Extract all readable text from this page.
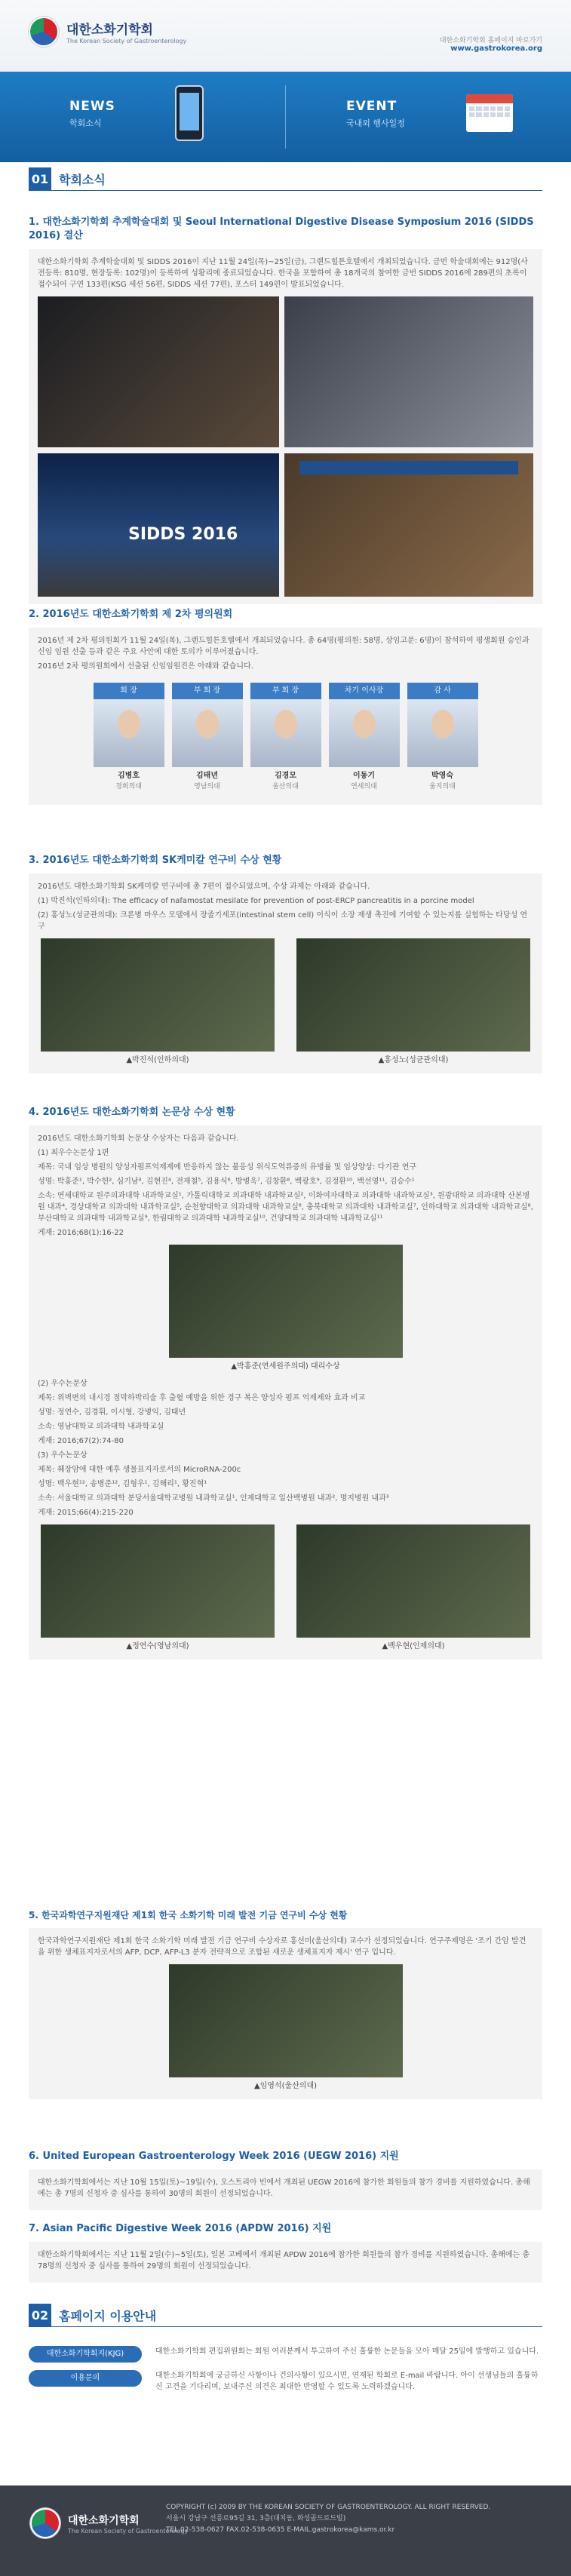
대한소화기학회
The Korean Society of Gastroenterology	대한소화기학회 홈페이지 바로가기
www.gastrokorea.org
NEWS
학회소식
EVENT
국내외 행사일정
01 학회소식
1. 대한소화기학회 추계학술대회 및 Seoul International Digestive Disease Symposium 2016 (SIDDS 2016) 결산

대한소화기학회 추계학술대회 및 SIDDS 2016이 지난 11월 24일(목)~25일(금), 그랜드힐튼호텔에서 개최되었습니다. 금번 학술대회에는 912명(사전등록: 810명, 현장등록: 102명)이 등록하여 성황리에 종료되었습니다. 한국을 포함하여 총 18개국의 참여한 금번 SIDDS 2016에 289편의 초록이 접수되어 구연 133편(KSG 세션 56편, SIDDS 세션 77편), 포스터 149편이 발표되었습니다.

SIDDS 2016
2. 2016년도 대한소화기학회 제 2차 평의원회

2016년 제 2차 평의원회가 11월 24일(목), 그랜드힐튼호텔에서 개최되었습니다. 총 64명(평의원: 58명, 상임고문: 6명)이 참석하여 평생회원 승인과 신임 임원 선출 등과 같은 주요 사안에 대한 토의가 이루어졌습니다.

2016년 2차 평의원회에서 선출된 신임임원진은 아래와 같습니다.

회 장
김병호
경희의대
부 회 장
김태년
영남의대
부 회 장
김경모
울산의대
차기 이사장
이동기
연세의대
감 사
박영숙
울지의대
3. 2016년도 대한소화기학회 SK케미칼 연구비 수상 현황

2016년도 대한소화기학회 SK케미칼 연구비에 총 7편이 접수되었으며, 수상 과제는 아래와 같습니다.

(1) 박진석(인하의대): The efficacy of nafamostat mesilate for prevention of post-ERCP pancreatitis in a porcine model

(2) 홍성노(성균관의대): 크론병 마우스 모델에서 장줄기세포(intestinal stem cell) 이식이 소장 재생 촉진에 기여할 수 있는지를 실험하는 타당성 연구

▲박진석(인하의대)	▲홍성노(성균관의대)
4. 2016년도 대한소화기학회 논문상 수상 현황

2016년도 대한소화기학회 논문상 수상자는 다음과 같습니다.

(1) 최우수논문상 1편

제목: 국내 임상 병원의 양성자펌프억제제에 반응하지 않는 불응성 위식도역류증의 유병률 및 임상양상: 다기관 연구

성명: 박홍준¹, 박수헌², 심기남³, 김현진⁴, 전재철⁵, 김용식⁶, 방병욱⁷, 김창환⁸, 백광호⁹, 김정환¹⁰, 백선영¹¹, 김승수¹

소속: 연세대학교 원주의과대학 내과학교실¹, 가톨릭대학교 의과대학 내과학교실², 이화여자대학교 의과대학 내과학교실³, 원광대학교 의과대학 산본병원 내과⁴, 경상대학교 의과대학 내과학교실⁵, 순천향대학교 의과대학 내과학교실⁶, 충북대학교 의과대학 내과학교실⁷, 인하대학교 의과대학 내과학교실⁸, 부산대학교 의과대학 내과학교실⁹, 한림대학교 의과대학 내과학교실¹⁰, 건양대학교 의과대학 내과학교실¹¹

게재: 2016;68(1):16-22

▲박홍준(연세원주의대) 대리수상

(2) 우수논문상

제목: 위벽변의 내시경 점막하박리술 후 출혈 예방을 위한 경구 복은 양성자 펌프 억제제와 효과 비교

성명: 정연수, 김경휘, 이시형, 강병익, 김태년

소속: 영남대학교 의과대학 내과학교실

게재: 2016;67(2):74-80

(3) 우수논문상

제목: 췌장암에 대한 예후 생물표지자로서의 MicroRNA-200c

성명: 백우현¹², 송병준¹², 김형우¹, 김해리¹, 황진혁¹

소속: 서울대학교 의과대학 분당서울대학교병원 내과학교실¹, 인제대학교 일산백병원 내과², 명지병원 내과³

게재: 2015;66(4):215-220

▲정연수(영남의대)	▲백우현(인제의대)
5. 한국과학연구지원재단 제1회 한국 소화기학 미래 발전 기금 연구비 수상 현황

한국과학연구지원재단 제1회 한국 소화기학 미래 발전 기금 연구비 수상자로 홍선미(울산의대) 교수가 선정되었습니다. 연구주제명은 '조기 간암 발견을 위한 생체표지자로서의 AFP, DCP, AFP-L3 분자 전략적으로 조합된 새로운 생체표지자 제시' 연구 입니다.

▲임영석(울산의대)
6. United European Gastroenterology Week 2016 (UEGW 2016) 지원

대한소화기학회에서는 지난 10월 15일(토)~19일(수), 오스트리아 빈에서 개최된 UEGW 2016에 참가한 회원들의 참가 경비를 지원하였습니다. 총해에는 총 7명의 신청자 중 심사를 통하여 30명의 회원이 선정되었습니다.

7. Asian Pacific Digestive Week 2016 (APDW 2016) 지원

대한소화기학회에서는 지난 11월 2일(수)~5일(토), 일본 고베에서 개최된 APDW 2016에 참가한 회원들의 참가 경비를 지원하였습니다. 총해에는 총 78명의 신청자 중 심사를 통하여 29명의 회원이 선정되었습니다.

02 홈페이지 이용안내
대한소화기학회지(KJG)	대한소화기학회 편집위원회는 회원 여러분께서 투고하여 주신 훌륭한 논문들을 모아 매달 25일에 발행하고 있습니다.
이용문의	대한소화기학회에 궁금하신 사항이나 건의사항이 있으시면, 연재된 학회로 E-mail 바랍니다. 아이 선생님들의 훌륭하신 고견을 기다리며, 보내주신 의견은 최대한 반영할 수 있도록 노력하겠습니다.
대한소화기학회
The Korean Society of Gastroenterology
COPYRIGHT (c) 2009 BY THE KOREAN SOCIETY OF GASTROENTEROLOGY. ALL RIGHT RESERVED.
서울시 강남구 선릉로95길 31, 3층(대치동, 화성골드로드빌)
TEL.02-538-0627 FAX.02-538-0635 E-MAIL.gastrokorea@kams.or.kr
